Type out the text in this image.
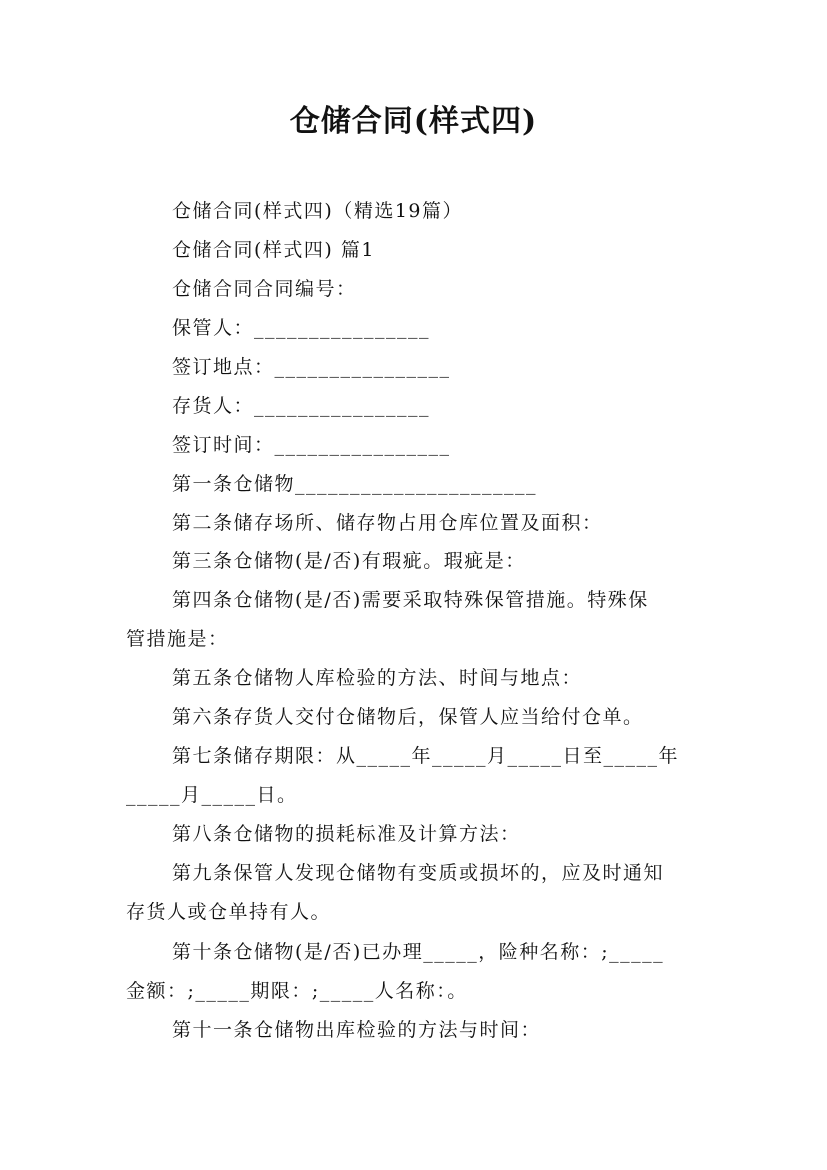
仓储合同(样式四)
仓储合同(样式四)（精选19篇）
仓储合同(样式四) 篇1
仓储合同合同编号：
保管人：________________
签订地点：________________
存货人：________________
签订时间：________________
第一条仓储物______________________
第二条储存场所、储存物占用仓库位置及面积：
第三条仓储物(是/否)有瑕疵。瑕疵是：
第四条仓储物(是/否)需要采取特殊保管措施。特殊保
管措施是：
第五条仓储物人库检验的方法、时间与地点：
第六条存货人交付仓储物后，保管人应当给付仓单。
第七条储存期限：从_____年_____月_____日至_____年
_____月_____日。
第八条仓储物的损耗标准及计算方法：
第九条保管人发现仓储物有变质或损坏的，应及时通知
存货人或仓单持有人。
第十条仓储物(是/否)已办理_____，险种名称：;_____
金额：;_____期限：;_____人名称：。
第十一条仓储物出库检验的方法与时间：
